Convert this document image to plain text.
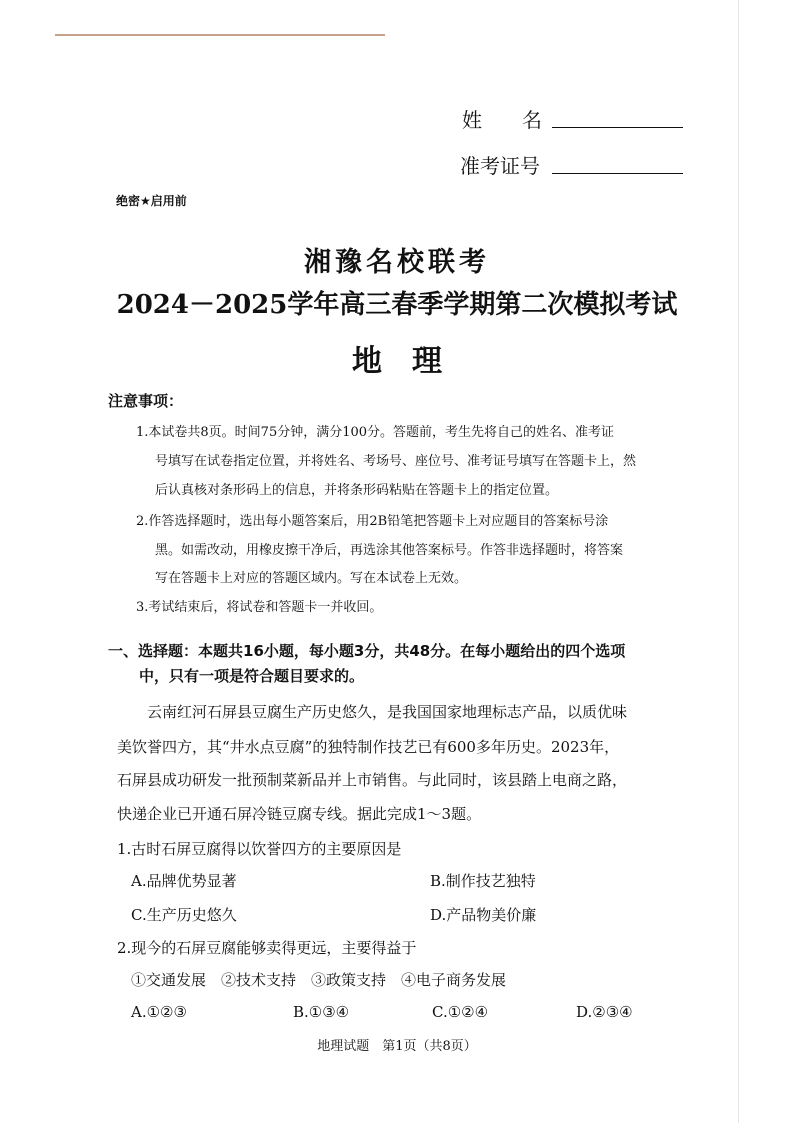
姓　　名
准考证号
绝密★启用前
湘豫名校联考
2024－2025学年高三春季学期第二次模拟考试
地　理
注意事项：
1.本试卷共8页。时间75分钟，满分100分。答题前，考生先将自己的姓名、准考证
号填写在试卷指定位置，并将姓名、考场号、座位号、准考证号填写在答题卡上，然
后认真核对条形码上的信息，并将条形码粘贴在答题卡上的指定位置。
2.作答选择题时，选出每小题答案后，用2B铅笔把答题卡上对应题目的答案标号涂
黑。如需改动，用橡皮擦干净后，再选涂其他答案标号。作答非选择题时，将答案
写在答题卡上对应的答题区域内。写在本试卷上无效。
3.考试结束后，将试卷和答题卡一并收回。
一、选择题：本题共16小题，每小题3分，共48分。在每小题给出的四个选项
中，只有一项是符合题目要求的。
云南红河石屏县豆腐生产历史悠久，是我国国家地理标志产品，以质优味
美饮誉四方，其“井水点豆腐”的独特制作技艺已有600多年历史。2023年，
石屏县成功研发一批预制菜新品并上市销售。与此同时，该县踏上电商之路，
快递企业已开通石屏冷链豆腐专线。据此完成1～3题。
1.古时石屏豆腐得以饮誉四方的主要原因是
A.品牌优势显著	B.制作技艺独特
C.生产历史悠久	D.产品物美价廉
2.现今的石屏豆腐能够卖得更远，主要得益于
①交通发展　②技术支持　③政策支持　④电子商务发展
A.①②③	B.①③④	C.①②④	D.②③④
地理试题　第1页（共8页）
